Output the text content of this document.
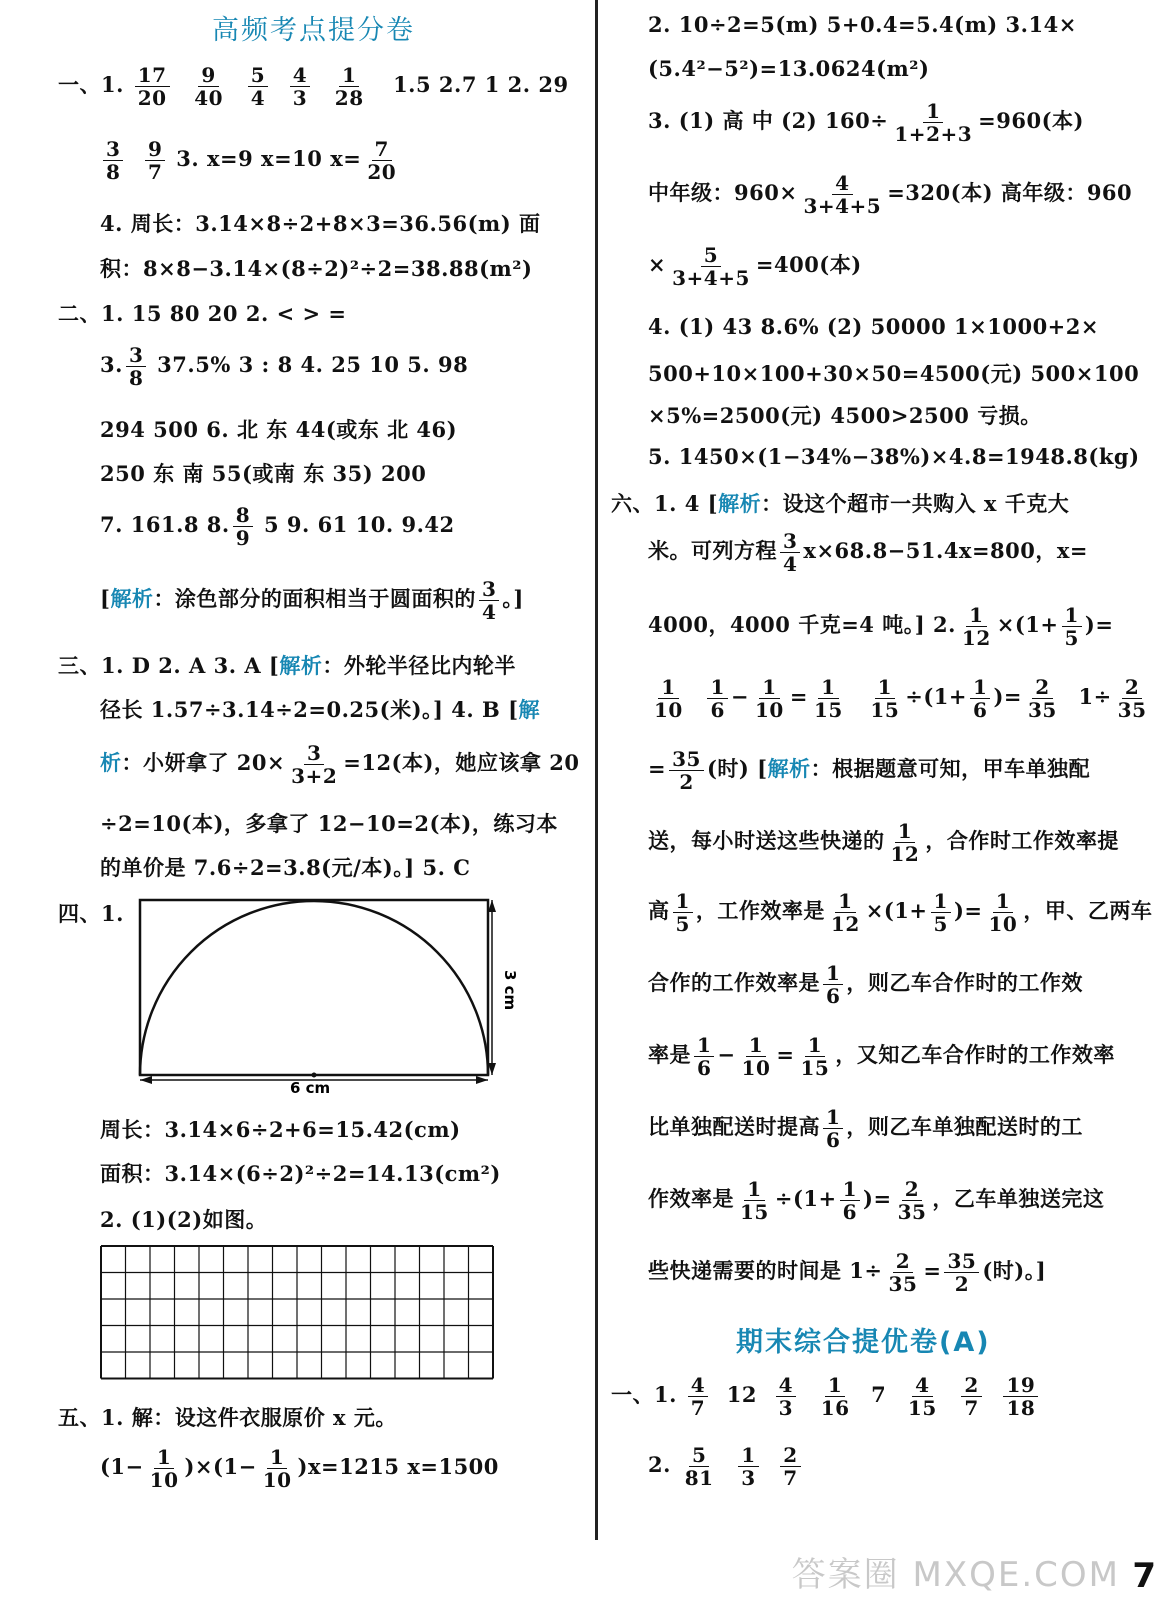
高频考点提分卷
一、1. $\frac{17}{20}$
$\frac{9}{40}$
$\frac{5}{4}$
$\frac{4}{3}$
$\frac{1}{28} 1.5$ 2.7 1 2. 29
$\frac{3}{8}$
$\frac{9}{7} 3$. x=9 x=10 $x= \frac{7}{20}$
4. 周长：3.14×8÷2+8×3=36.56(m) 面
积：8×8−3.14×(8÷2)²÷2=38.88(m²)
二、1. 15 80 20 2. < > =
3. $\frac{3}{8} 37.5\%$ 3 : 8 4. 25 10 5. 98
294 500 6. 北 东 44(或东 北 46)
250 东 南 55(或南 东 35) 200
7. 161.8 8. $\frac{8}{9} 5$ 9. 61 10. 9.42
[解析：涂色部分的面积相当于圆面积的 $\frac{3}{4}$ 。]
三、1. D 2. A 3. A [解析：外轮半径比内轮半
径长 1.57÷3.14÷2=0.25(米)。] 4. B [解
析：小妍拿了 $20\times \frac{3}{3+2} =12$(本)，她应该拿 20
÷2=10(本)，多拿了 12−10=2(本)，练习本
的单价是 7.6÷2=3.8(元/本)。] 5. C
四、1.
6 cm
3 cm
周长：3.14×6÷2+6=15.42(cm)
面积：3.14×(6÷2)²÷2=14.13(cm²)
2. (1)(2)如图。
五、1. 解：设这件衣服原价 x 元。
$(1- \frac{1}{10} )\times(1- \frac{1}{10} )x=1215$ x=1500
2. 10÷2=5(m) 5+0.4=5.4(m) 3.14×
(5.4²−5²)=13.0624(m²)
3. (1) 高 中 (2) $160\div \frac{1}{1+2+3} =960$(本)
中年级：$960\times \frac{4}{3+4+5} =320$(本) 高年级：960
× $\frac{5}{3+4+5} =400$(本)
4. (1) 43 8.6% (2) 50000 1×1000+2×
500+10×100+30×50=4500(元) 500×100
×5%=2500(元) 4500>2500 亏损。
5. 1450×(1−34%−38%)×4.8=1948.8(kg)
六、1. 4 [解析：设这个超市一共购入 x 千克大
米。可列方程 $\frac{3}{4} x\times 68.8-51.4x=800$，x=
4000，4000 千克=4 吨。] 2. $\frac{1}{12} \times(1+ \frac{1}{5}$ )=
$\frac{1}{10}$
$\frac{1}{6} - \frac{1}{10} = \frac{1}{15}$
$\frac{1}{15} \div(1+ \frac{1}{6}$ )= $\frac{2}{35} 1\div \frac{2}{35}$
= $\frac{35}{2}$ (时) [解析：根据题意可知，甲车单独配
送，每小时送这些快递的 $\frac{1}{12}$ ，合作时工作效率提
高 $\frac{1}{5}$ ，工作效率是 $\frac{1}{12} \times(1+ \frac{1}{5}$ )= $\frac{1}{10}$ ，甲、乙两车
合作的工作效率是 $\frac{1}{6}$ ，则乙车合作时的工作效
率是 $\frac{1}{6} - \frac{1}{10} = \frac{1}{15}$ ，又知乙车合作时的工作效率
比单独配送时提高 $\frac{1}{6}$ ，则乙车单独配送时的工
作效率是 $\frac{1}{15} \div(1+ \frac{1}{6}$ )= $\frac{2}{35}$ ，乙车单独送完这
些快递需要的时间是 $1\div \frac{2}{35} = \frac{35}{2}$ (时)。]
期末综合提优卷(A)
一、1. $\frac{4}{7} 12 \frac{4}{3}$
$\frac{1}{16} 7 \frac{4}{15}$
$\frac{2}{7}$
$\frac{19}{18}$
2. $\frac{5}{81}$
$\frac{1}{3}$
$\frac{2}{7}$
答案圈 MXQE.COM 7
